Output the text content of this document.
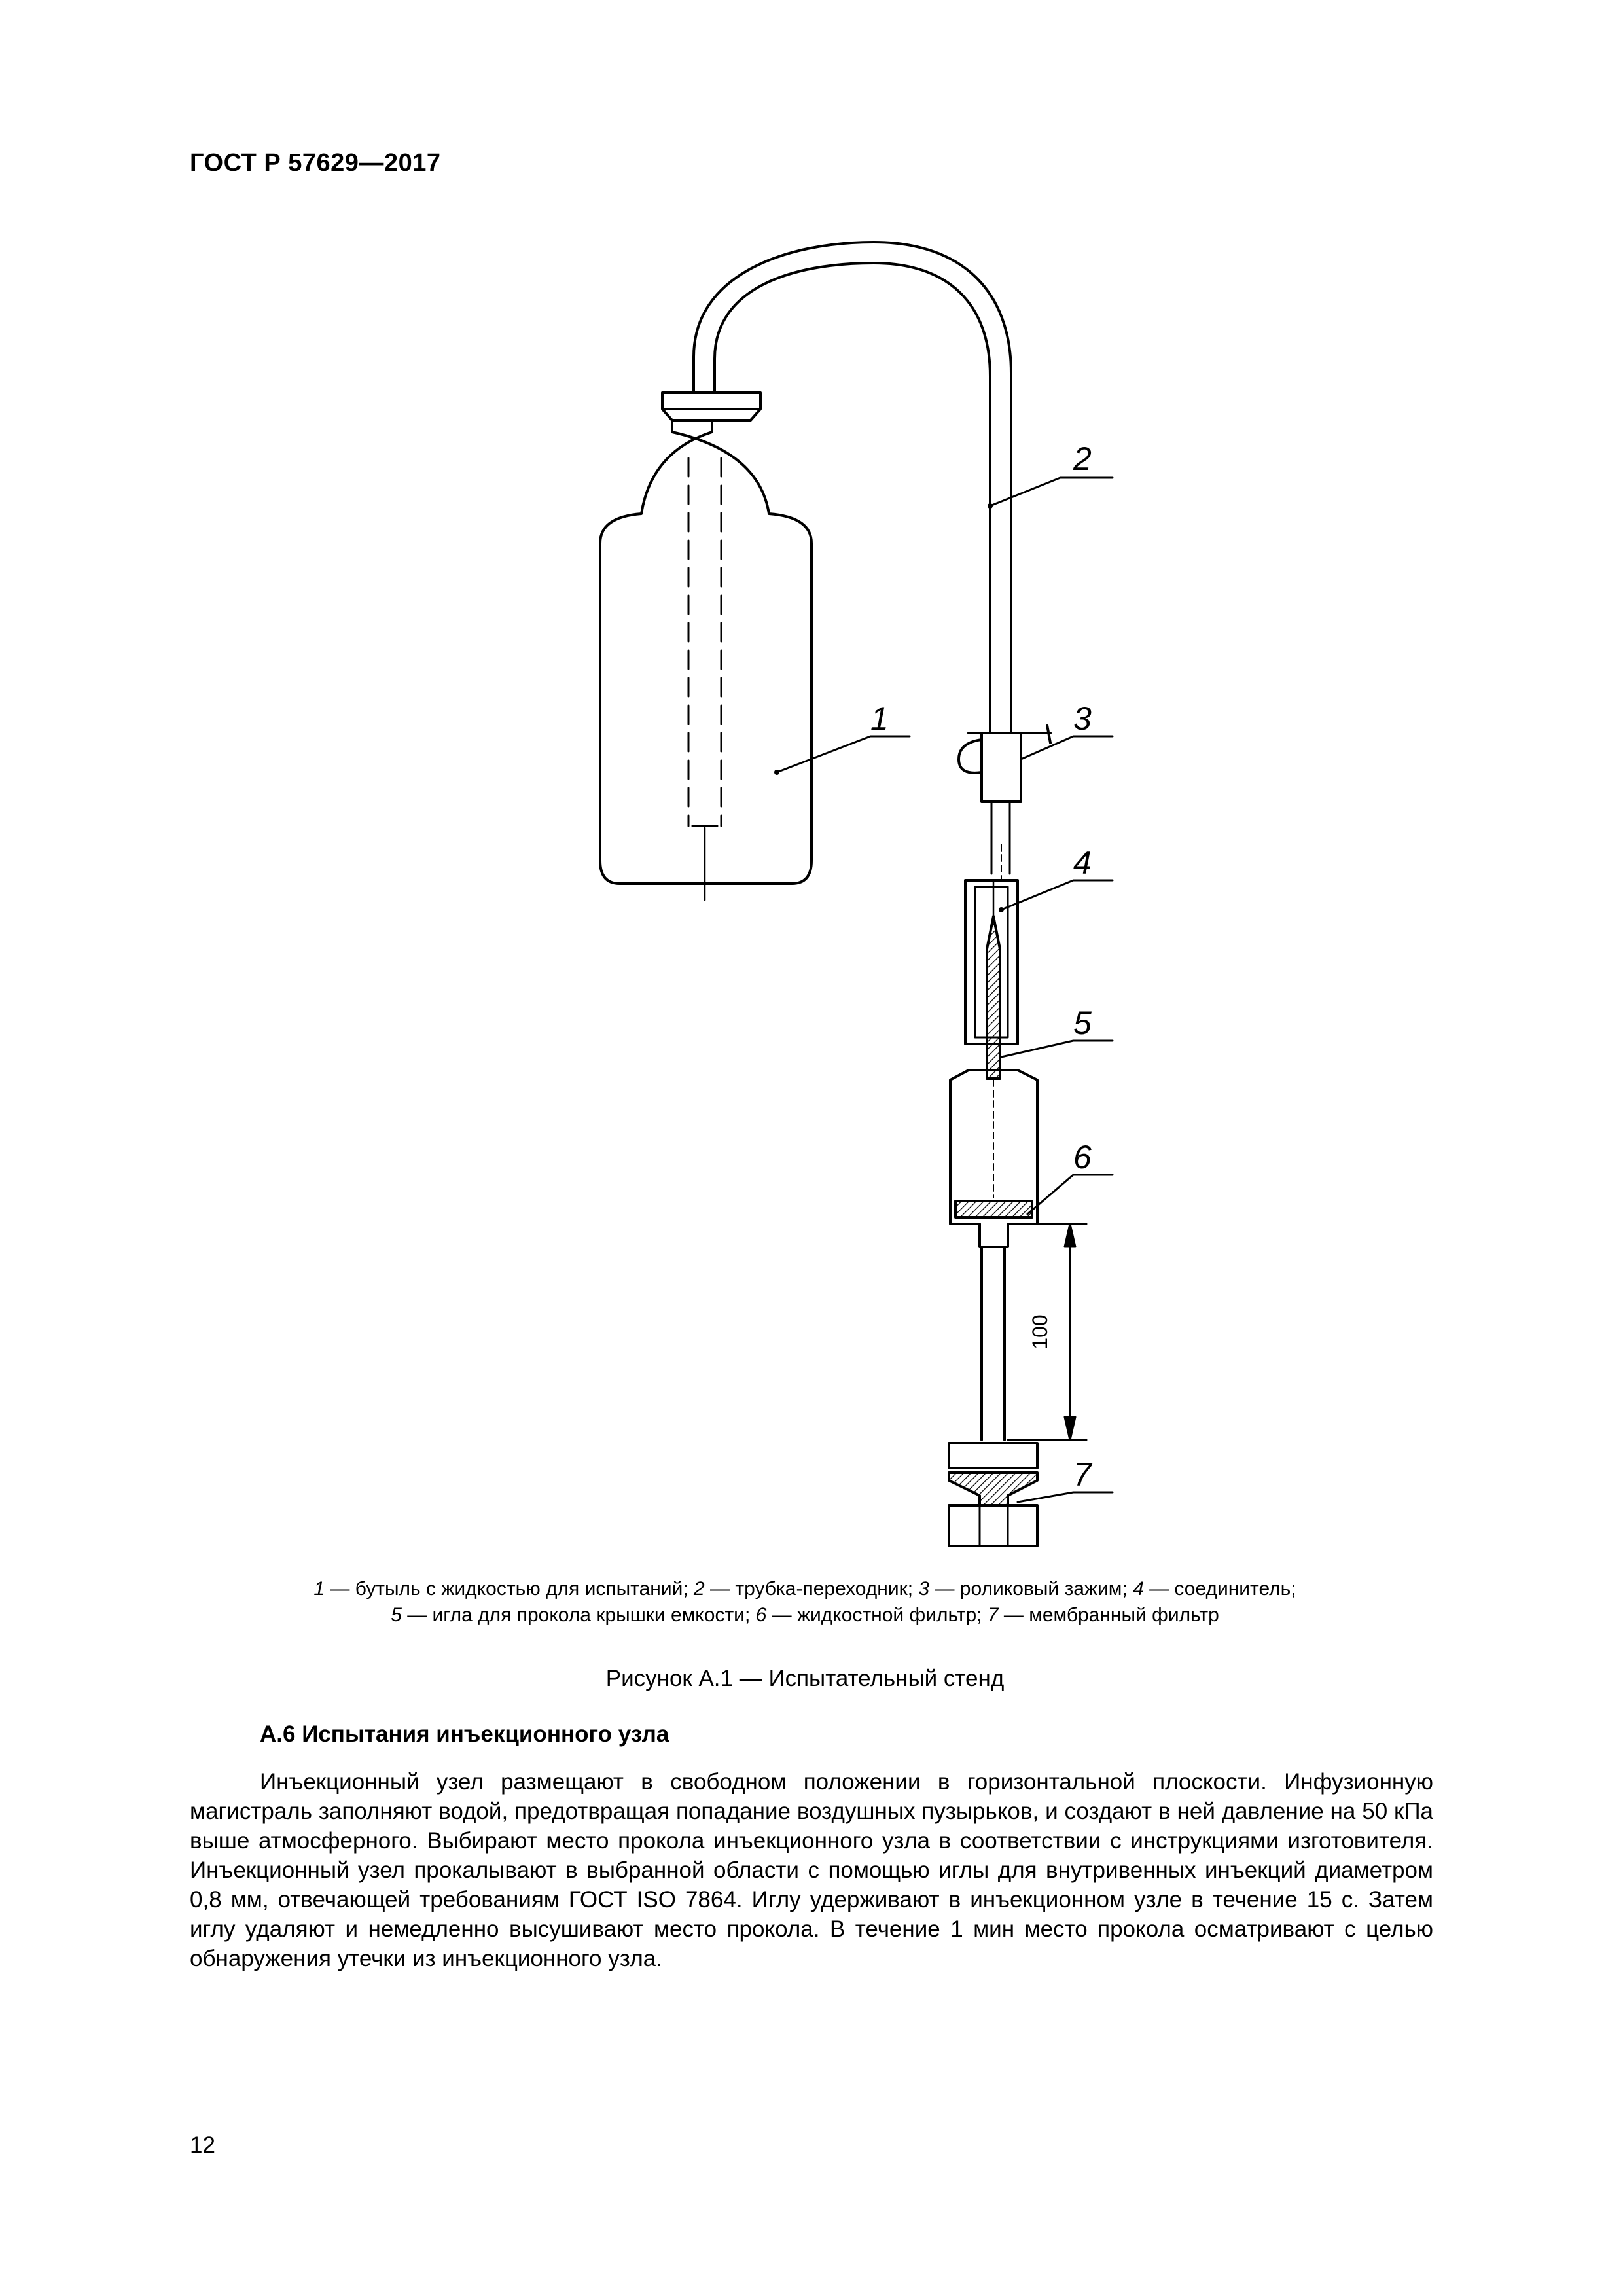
ГОСТ Р 57629—2017
1
2
3
4
5
6
7
100
1 — бутыль с жидкостью для испытаний; 2 — трубка-переходник; 3 — роликовый зажим; 4 — соединитель;
5 — игла для прокола крышки емкости; 6 — жидкостной фильтр; 7 — мембранный фильтр
Рисунок А.1 — Испытательный стенд
А.6 Испытания инъекционного узла

Инъекционный узел размещают в свободном положении в горизонтальной плоскости. Инфузионную магистраль заполняют водой, предотвращая попадание воздушных пузырьков, и создают в ней давление на 50 кПа выше атмосферного. Выбирают место прокола инъекционного узла в соответствии с инструкциями изготовителя. Инъекционный узел прокалывают в выбранной области с помощью иглы для внутривенных инъекций диаметром 0,8 мм, отвечающей требованиям ГОСТ ISO 7864. Иглу удерживают в инъекционном узле в течение 15 с. Затем иглу удаляют и немедленно высушивают место прокола. В течение 1 мин место прокола осматривают с целью обнаружения утечки из инъекционного узла.

12
